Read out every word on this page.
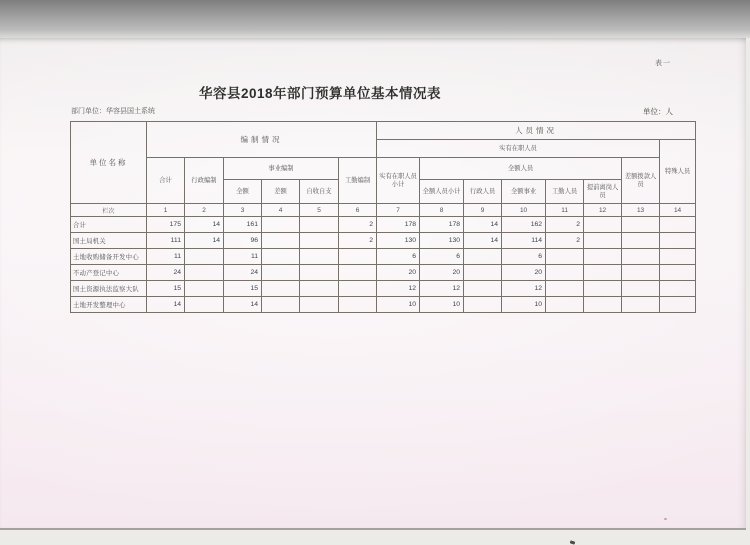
表一
华容县2018年部门预算单位基本情况表
部门单位：华容县国土系统	单位：人
单位名称	编制情况						人员情况							
							实有在职人员							特殊人员
	合计	行政编制	事业编制			工勤编制	实有在职人员小计	全额人员					差额拨款人员	
			全额	差额	自收自支			全额人员小计	行政人员	全额事业	工勤人员	提前离岗人员		
栏次	1	2	3	4	5	6	7	8	9	10	11	12	13	14
合计	175	14	161			2	178	178	14	162	2			
国土局机关	111	14	96			2	130	130	14	114	2			
土地收购储备开发中心	11		11				6	6		6				
不动产登记中心	24		24				20	20		20				
国土资源执法监察大队	15		15				12	12		12				
土地开发整理中心	14		14				10	10		10				
